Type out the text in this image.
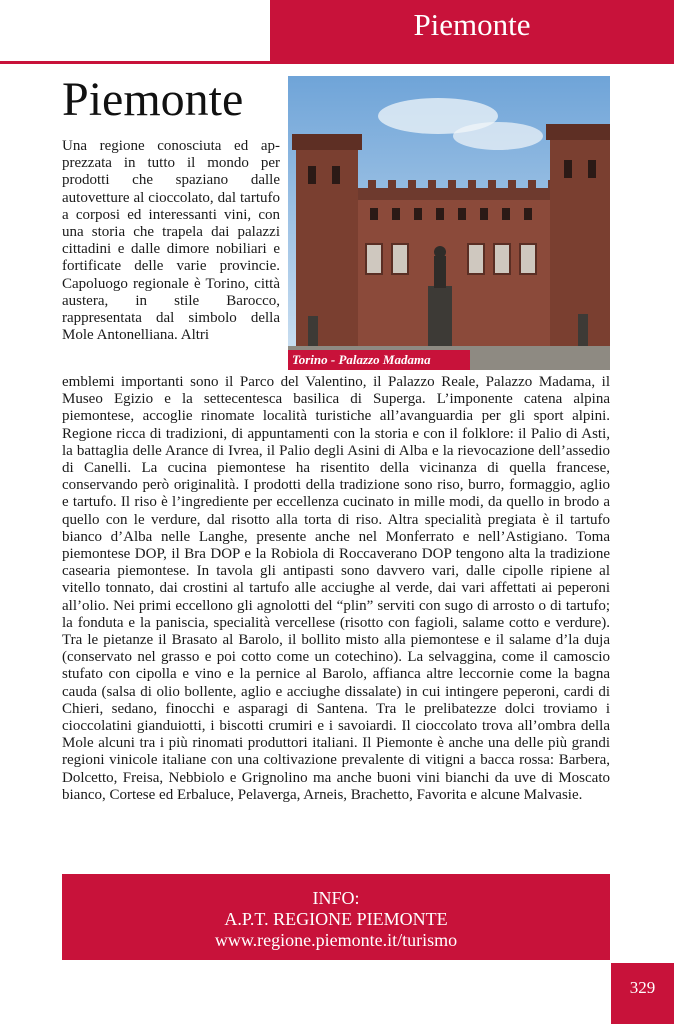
Piemonte
Piemonte
Torino - Palazzo Madama

Una regione conosciuta ed apprezzata in tutto il mondo per prodotti che spaziano dalle autovetture al cioccolato, dal tartufo a corposi ed interessanti vini, con una storia che trapela dai palazzi cittadini e dalle dimore nobiliari e fortificate delle varie provincie. Capoluogo regionale è Torino, città austera, in stile Barocco, rappresentata dal simbolo della Mole Antonelliana. Altri

emblemi importanti sono il Parco del Valentino, il Palazzo Reale, Palazzo Madama, il Museo Egizio e la settecentesca basilica di Superga. L’imponente catena alpina piemontese, accoglie rinomate località turistiche all’avanguardia per gli sport alpini. Regione ricca di tradizioni, di appuntamenti con la storia e con il folklore: il Palio di Asti, la battaglia delle Arance di Ivrea, il Palio degli Asini di Alba e la rievocazione dell’assedio di Canelli. La cucina piemontese ha risentito della vicinanza di quella francese, conservando però originalità. I prodotti della tradizione sono riso, burro, formaggio, aglio e tartufo. Il riso è l’ingrediente per eccellenza cucinato in mille modi, da quello in brodo a quello con le verdure, dal risotto alla torta di riso. Altra specialità pregiata è il tartufo bianco d’Alba nelle Langhe, presente anche nel Monferrato e nell’Astigiano. Toma piemontese DOP, il Bra DOP e la Robiola di Roccaverano DOP tengono alta la tradizione casearia piemontese. In tavola gli antipasti sono davvero vari, dalle cipolle ripiene al vitello tonnato, dai crostini al tartufo alle acciughe al verde, dai vari affettati ai peperoni all’olio. Nei primi eccellono gli agnolotti del “plin” serviti con sugo di arrosto o di tartufo; la fonduta e la paniscia, specialità vercellese (risotto con fagioli, salame cotto e verdure). Tra le pietanze il Brasato al Barolo, il bollito misto alla piemontese e il salame d’la duja (conservato nel grasso e poi cotto come un cotechino). La selvaggina, come il camoscio stufato con cipolla e vino e la pernice al Barolo, affianca altre leccornie come la bagna cauda (salsa di olio bollente, aglio e acciughe dissalate) in cui intingere peperoni, cardi di Chieri, sedano, finocchi e asparagi di Santena. Tra le prelibatezze dolci troviamo i cioccolatini gianduiotti, i biscotti crumiri e i savoiardi. Il cioccolato trova all’ombra della Mole alcuni tra i più rinomati produttori italiani. Il Piemonte è anche una delle più grandi regioni vinicole italiane con una coltivazione prevalente di vitigni a bacca rossa: Barbera, Dolcetto, Freisa, Nebbiolo e Grignolino ma anche buoni vini bianchi da uve di Moscato bianco, Cortese ed Erbaluce, Pelaverga, Arneis, Brachetto, Favorita e alcune Malvasie.

INFO:
A.P.T. REGIONE PIEMONTE
www.regione.piemonte.it/turismo
329
